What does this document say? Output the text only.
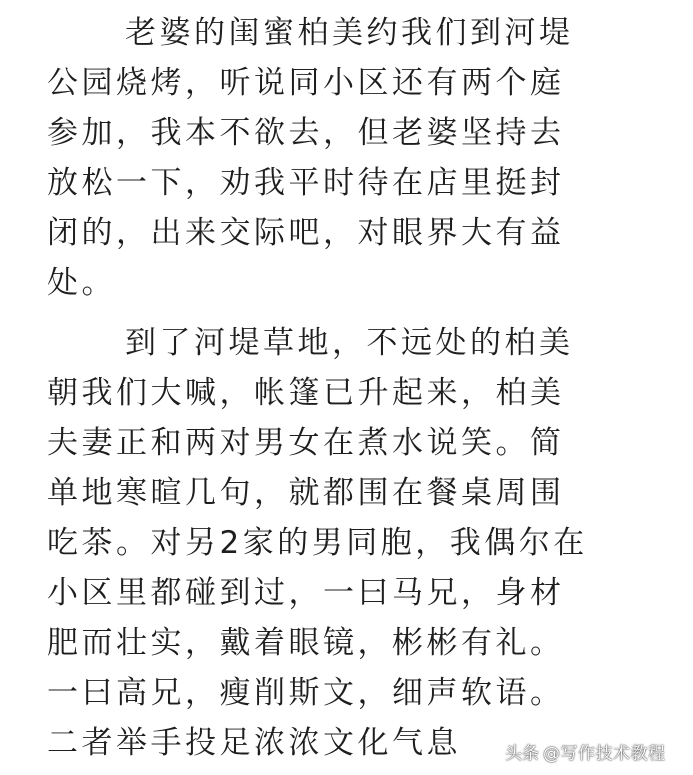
老婆的闺蜜柏美约我们到河堤
公园烧烤，听说同小区还有两个庭
参加，我本不欲去，但老婆坚持去
放松一下，劝我平时待在店里挺封
闭的，出来交际吧，对眼界大有益
处。
到了河堤草地，不远处的柏美
朝我们大喊，帐篷已升起来，柏美
夫妻正和两对男女在煮水说笑。简
单地寒暄几句，就都围在餐桌周围
吃茶。对另2家的男同胞，我偶尔在
小区里都碰到过，一曰马兄，身材
肥而壮实，戴着眼镜，彬彬有礼。
一曰高兄，瘦削斯文，细声软语。
二者举手投足浓浓文化气息	头条 @写作技术教程
